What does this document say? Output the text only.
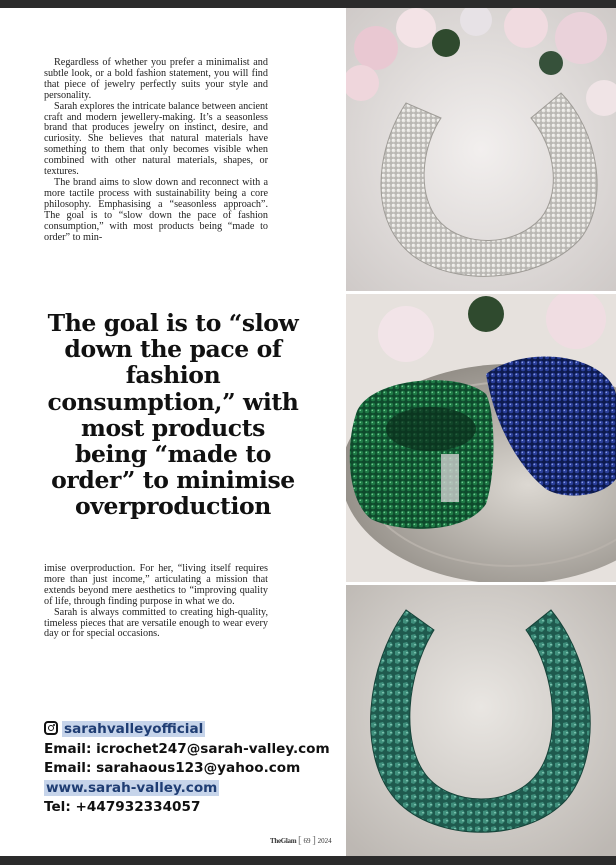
Regardless of whether you prefer a minimalist and subtle look, or a bold fashion statement, you will find that piece of jewelry perfectly suits your style and personality.

Sarah explores the intricate balance between ancient craft and modern jewellery-making. It’s a seasonless brand that produces jewelry on instinct, desire, and curiosity. She believes that natural materials have something to them that only becomes visible when combined with other natural materials, shapes, or textures.

The brand aims to slow down and reconnect with a more tactile process with sustainability being a core philosophy. Emphasising a “seasonless approach”. The goal is to “slow down the pace of fashion consumption,” with most products being “made to order” to min-

The goal is to “slow down the pace of fashion consumption,” with most products being “made to order” to minimise overproduction

imise overproduction. For her, “living itself requires more than just income,” articulating a mission that extends beyond mere aesthetics to “improving quality of life, through finding purpose in what we do.

Sarah is always committed to creating high-quality, timeless pieces that are versatile enough to wear every day or for special occasions.

sarahvalleyofficial
Email: icrochet247@sarah-valley.com
Email: sarahaous123@yahoo.com
www.sarah-valley.com
Tel: +447932334057
TheGlam [ 69 ] 2024
